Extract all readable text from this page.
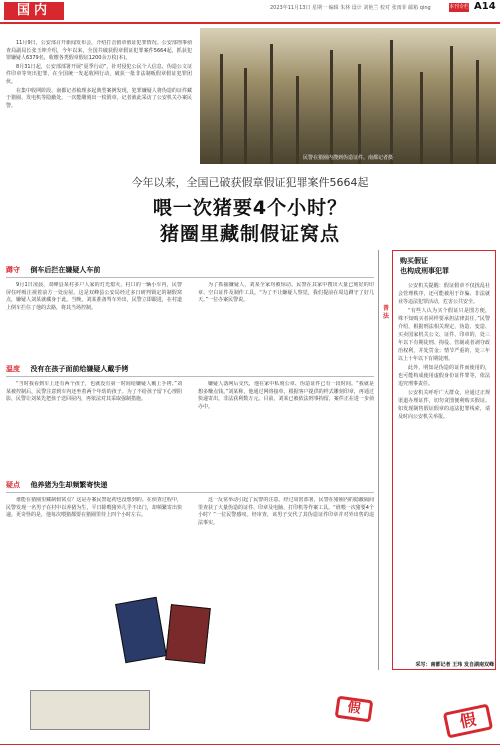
国内	2023年11月13日 星期一 编辑 朱林 设计 刘艳兰 校对 张雨菲 邮箱 qing	本刊专栏 A14

11月9日，公安部召开新闻发布会，介绍打击假章假证犯罪情况。公安部刑事侦查局副局长张玉坤介绍，今年以来，全国共破获假章假证犯罪案件5664起，抓获犯罪嫌疑人6379名，收缴各类假章假证1200余万枚(本)。

8月31日起，公安部部署开展“夏季行动”，针对侵犯公民个人信息、伪造公文证件印章等突出犯罪，在全国统一发起收网行动，破获一批非法制贩假章假证犯罪团伙。

在集中收网阶段，南都记者梳理多起典型案例发现，犯罪嫌疑人将伪造的证件藏于猪圈、发电机等隐蔽处，一次能雕刻出一枚假章。记者就此采访了公安机关办案民警。

民警在猪圈内搜到伪造证件。南都记者摄
今年以来，全国已破获假章假证犯罪案件5664起
喂一次猪要4个小时？
猪圈里藏制假证窝点
蹲守 倒车后拦在嫌疑人车前

9月1日凌晨，双峰县某村多户人家的灯光熄灭，村口的一辆小车内，民警屏住呼吸注视着前方一处房屋。这是双峰县公安局经过多日研判锁定的制假窝点，嫌疑人刘某就藏身于此。当晚，刘某准备驾车外出，民警立即跟进，在村道上倒车拦住了他的去路，将其当场控制。

为了抓捕嫌疑人，刘某全家均被惊动。民警在其家中搜出大量已刻好的印章、空白证件及制作工具。“为了不让嫌疑人察觉，我们提前在周边蹲守了好几天。”一位办案民警说。

温度 没有在孩子面前给嫌疑人戴手铐

“当时我看到车上还有两个孩子，也就没有第一时间给嫌疑人戴上手铐。”刘某被控制后，民警注意到车内还坐着两个年幼的孩子。为了不给孩子留下心理阴影，民警让刘某先把孩子送回屋内，再依法对其采取强制措施。

嫌疑人落网后交代，他在家中私刻公章、伪造证件已有一段时间。“我就是想多赚点钱。”刘某称，他通过网络接单，根据客户提供的样式雕刻印章，再通过快递寄出，非法获利数万元。目前，刘某已被依法刑事拘留，案件正在进一步侦办中。

疑点 他养猪为生却频繁寄快递

谁能在猪圈里藏制假窝点？这是办案民警起初也没想到的。在侦查过程中，民警发现一名男子在村中以养猪为生，平日除喂猪外几乎不出门，却频繁寄出快递。更奇怪的是，他每次喂猪都要在猪圈里待上四个小时左右。

这一反常举动引起了民警的注意。经过周密部署，民警在猪圈内的隐蔽隔间里查获了大量伪造的证件、印章及电脑、打印机等作案工具。“谁喂一次猪要4个小时？”一位民警感叹。经审查，该男子交代了其伪造证件印章并对外出售的违法事实。

普法
购买假证
也构成刑事犯罪

公安机关提醒：假证假章不仅扰乱社会管理秩序，还可能被用于诈骗、非法就业等违法犯罪活动，危害公共安全。

“有些人认为买个假证只是图方便，殊不知购买者同样要承担法律责任。”民警介绍，根据刑法相关规定，伪造、变造、买卖国家机关公文、证件、印章的，处三年以下有期徒刑、拘役、管制或者剥夺政治权利，并处罚金；情节严重的，处三年以上十年以下有期徒刑。

此外，明知是伪造的证件而使用的，也可能构成使用虚假身份证件罪等，依法追究刑事责任。

公安机关呼吁广大群众，应通过正规渠道办理证件，切勿贪图便利购买假证。如发现制售假证假章的违法犯罪线索，请及时向公安机关举报。

采写：南都记者 王玮 发自湖南双峰
假
假
